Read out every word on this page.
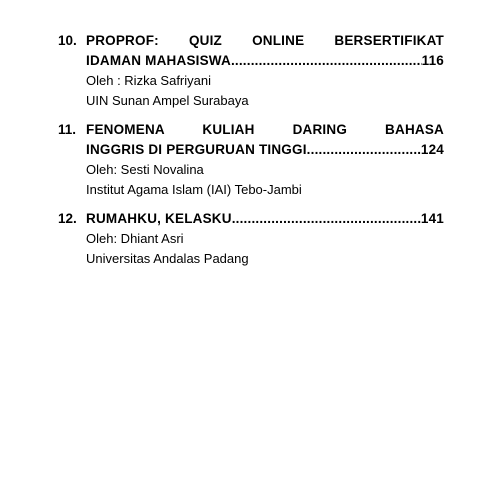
10. PROPROF: QUIZ ONLINE BERSERTIFIKAT
IDAMAN MAHASISWA .....	116
Oleh : Rizka Safriyani
UIN Sunan Ampel Surabaya
11. FENOMENA KULIAH DARING BAHASA
INGGRIS DI PERGURUAN TINGGI .....	124
Oleh: Sesti Novalina
Institut Agama Islam (IAI) Tebo-Jambi
12. RUMAHKU, KELASKU .....	141
Oleh: Dhiant Asri
Universitas Andalas Padang
